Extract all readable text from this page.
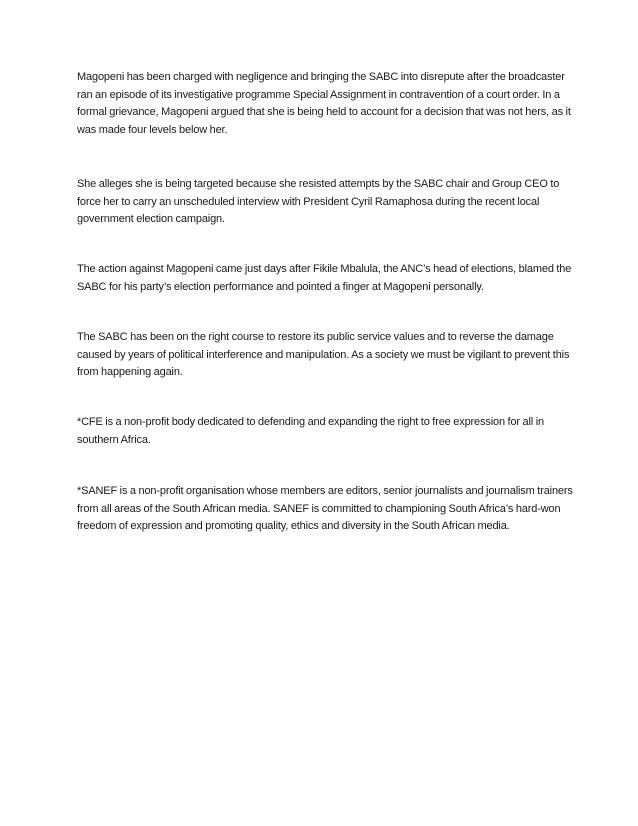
Magopeni has been charged with negligence and bringing the SABC into disrepute after the broadcaster ran an episode of its investigative programme Special Assignment in contravention of a court order. In a formal grievance, Magopeni argued that she is being held to account for a decision that was not hers, as it was made four levels below her.

She alleges she is being targeted because she resisted attempts by the SABC chair and Group CEO to force her to carry an unscheduled interview with President Cyril Ramaphosa during the recent local government election campaign.

The action against Magopeni came just days after Fikile Mbalula, the ANC’s head of elections, blamed the SABC for his party’s election performance and pointed a finger at Magopeni personally.

The SABC has been on the right course to restore its public service values and to reverse the damage caused by years of political interference and manipulation. As a society we must be vigilant to prevent this from happening again.

*CFE is a non-profit body dedicated to defending and expanding the right to free expression for all in southern Africa.

*SANEF is a non-profit organisation whose members are editors, senior journalists and journalism trainers from all areas of the South African media. SANEF is committed to championing South Africa’s hard-won freedom of expression and promoting quality, ethics and diversity in the South African media.
